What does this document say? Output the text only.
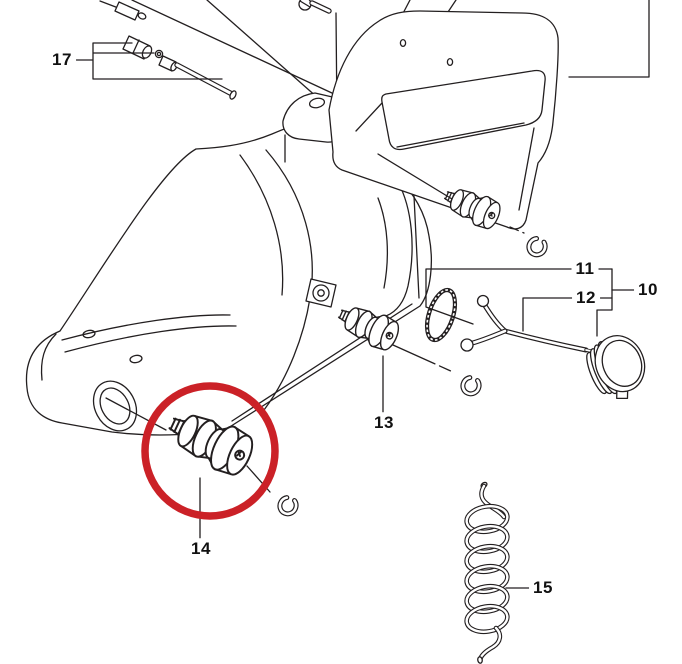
17
11
12 10
13
14
15
